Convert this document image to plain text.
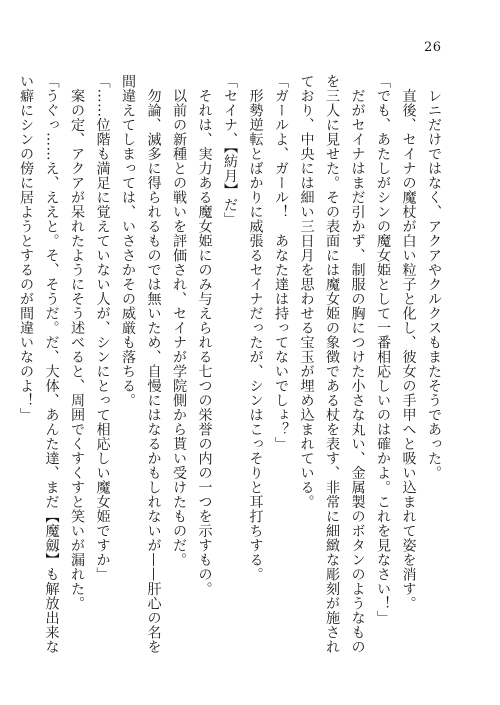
26
　レニだけではなく、アクアやクルクスもまたそうであった。
　直後、セイナの魔杖が白い粒子と化し、彼女の手甲へと吸い込まれて姿を消す。
「でも、あたしがシンの魔女姫として一番相応しいのは確かよ。これを見なさい！」
　だがセイナはまだ引かず、制服の胸につけた小さな丸い、金属製のボタンのようなもの
を三人に見せた。その表面には魔女姫の象徴である杖を表す、非常に細緻な彫刻が施され
ており、中央には細い三日月を思わせる宝玉が埋め込まれている。
「ガールよ、ガール！　あなた達は持ってないでしょ？」
　形勢逆転とばかりに威張るセイナだったが、シンはこっそりと耳打ちする。
「セイナ、【紡月】だ」
　それは、実力ある魔女姫にのみ与えられる七つの栄誉の内の一つを示すもの。
　以前の新種との戦いを評価され、セイナが学院側から貰い受けたものだ。
　勿論、滅多に得られるものでは無いため、自慢にはなるかもしれないが——肝心の名を
間違えてしまっては、いささかその威厳も落ちる。
「……位階も満足に覚えていない人が、シンにとって相応しい魔女姫ですか」
　案の定、アクアが呆れたようにそう述べると、周囲でくすくすと笑いが漏れた。
「うぐっ……え、ええと。そ、そうだ。だ、大体、あんた達、まだ【魔劔】も解放出来な
い癖にシンの傍に居ようとするのが間違いなのよ！」
